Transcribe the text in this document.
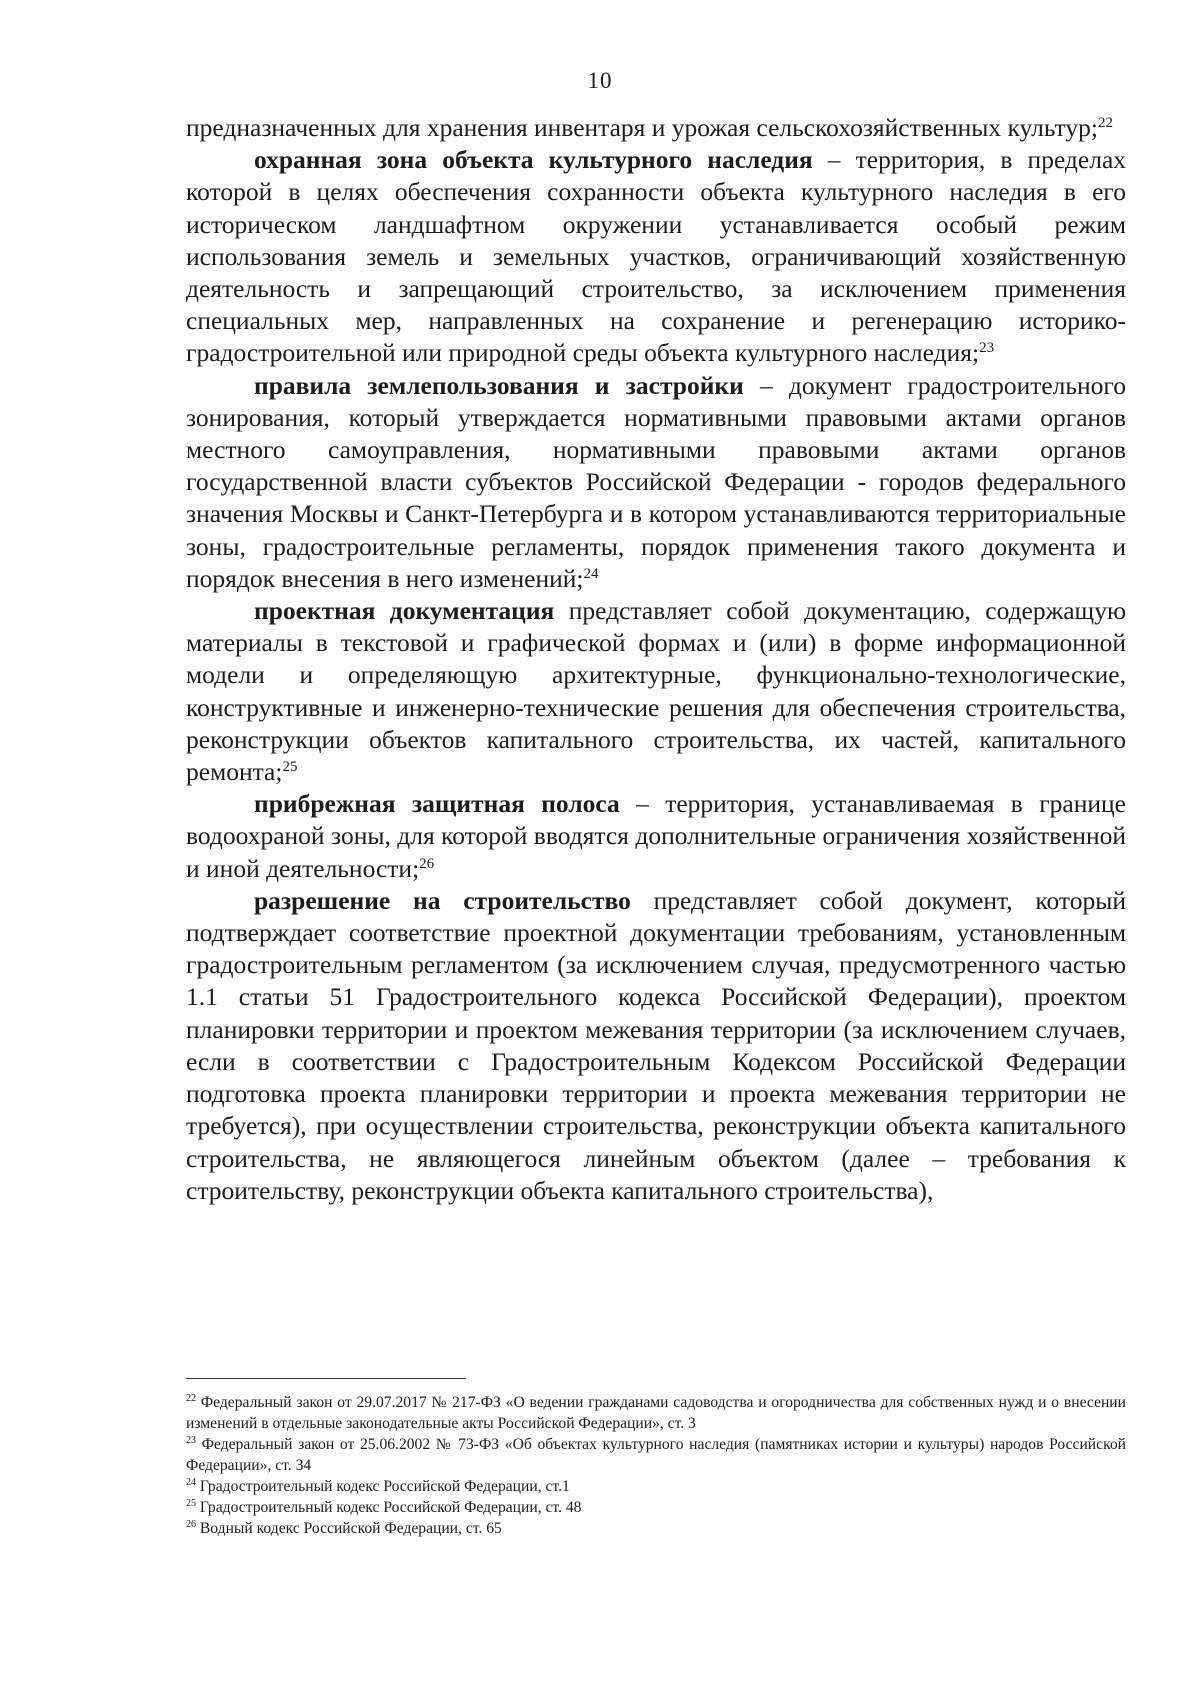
10

предназначенных для хранения инвентаря и урожая сельскохозяйственных культур;$^{22}$

охранная зона объекта культурного наследия – территория, в пределах которой в целях обеспечения сохранности объекта культурного наследия в его историческом ландшафтном окружении устанавливается особый режим использования земель и земельных участков, ограничивающий хозяйственную деятельность и запрещающий строительство, за исключением применения специальных мер, направленных на сохранение и регенерацию историко-градостроительной или природной среды объекта культурного наследия;$^{23}$

правила землепользования и застройки – документ градостроительного зонирования, который утверждается нормативными правовыми актами органов местного самоуправления, нормативными правовыми актами органов государственной власти субъектов Российской Федерации - городов федерального значения Москвы и Санкт-Петербурга и в котором устанавливаются территориальные зоны, градостроительные регламенты, порядок применения такого документа и порядок внесения в него изменений;$^{24}$

проектная документация представляет собой документацию, содержащую материалы в текстовой и графической формах и (или) в форме информационной модели и определяющую архитектурные, функционально-технологические, конструктивные и инженерно-технические решения для обеспечения строительства, реконструкции объектов капитального строительства, их частей, капитального ремонта;$^{25}$

прибрежная защитная полоса – территория, устанавливаемая в границе водоохраной зоны, для которой вводятся дополнительные ограничения хозяйственной и иной деятельности;$^{26}$

разрешение на строительство представляет собой документ, который подтверждает соответствие проектной документации требованиям, установленным градостроительным регламентом (за исключением случая, предусмотренного частью 1.1 статьи 51 Градостроительного кодекса Российской Федерации), проектом планировки территории и проектом межевания территории (за исключением случаев, если в соответствии с Градостроительным Кодексом Российской Федерации подготовка проекта планировки территории и проекта межевания территории не требуется), при осуществлении строительства, реконструкции объекта капитального строительства, не являющегося линейным объектом (далее – требования к строительству, реконструкции объекта капитального строительства),

$^{22}$ Федеральный закон от 29.07.2017 № 217-ФЗ «О ведении гражданами садоводства и огородничества для собственных нужд и о внесении изменений в отдельные законодательные акты Российской Федерации», ст. 3

$^{23}$ Федеральный закон от 25.06.2002 № 73-ФЗ «Об объектах культурного наследия (памятниках истории и культуры) народов Российской Федерации», ст. 34

$^{24}$ Градостроительный кодекс Российской Федерации, ст.1

$^{25}$ Градостроительный кодекс Российской Федерации, ст. 48

$^{26}$ Водный кодекс Российской Федерации, ст. 65
